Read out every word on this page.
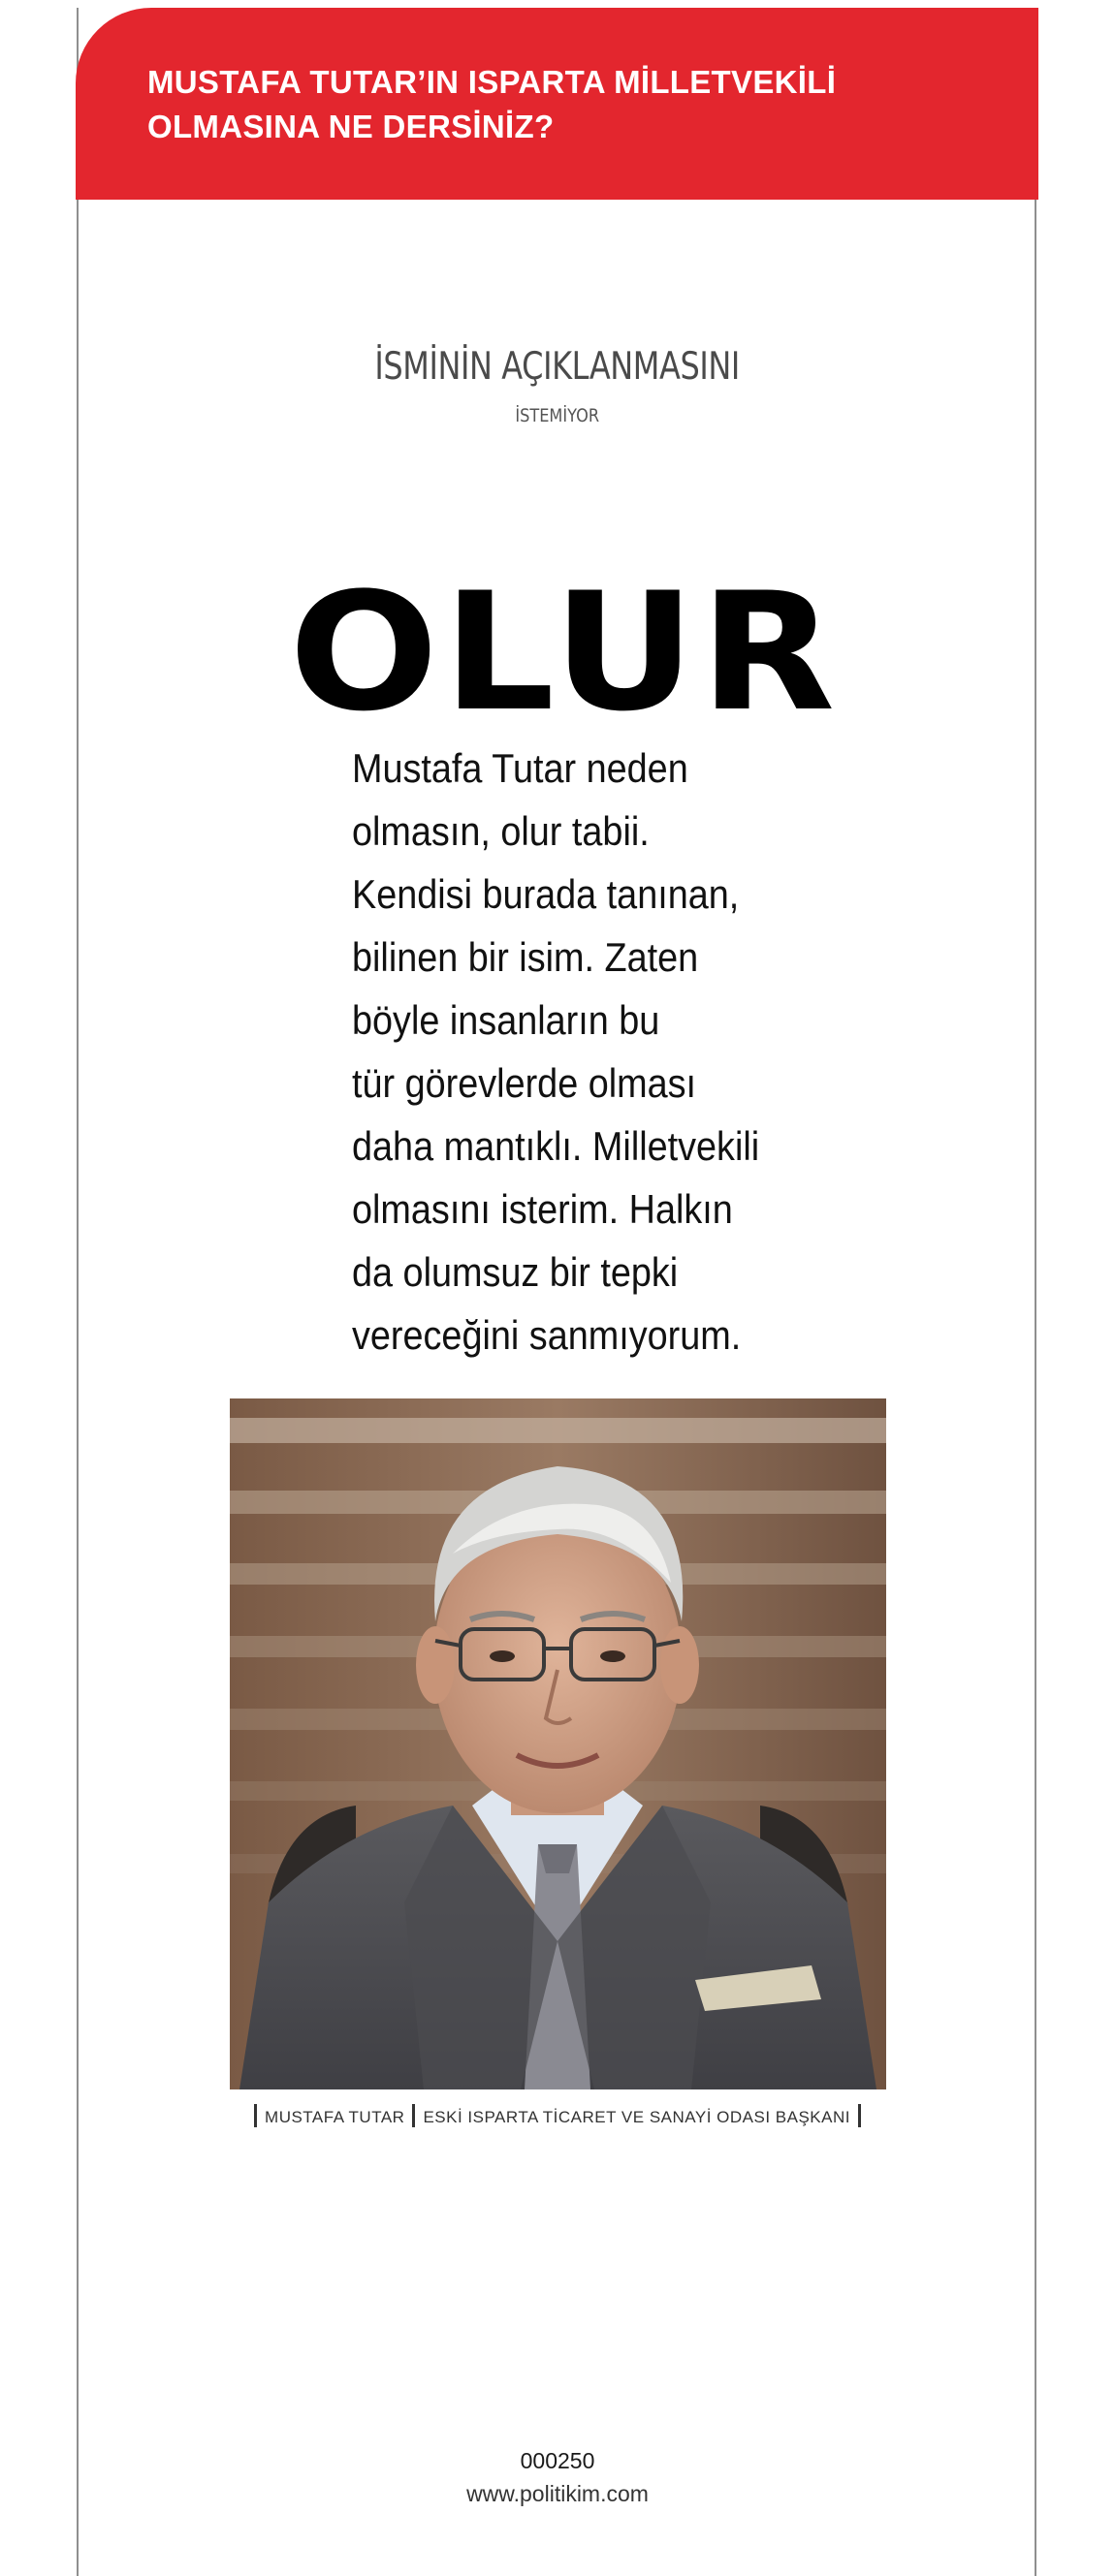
MUSTAFA TUTAR’IN ISPARTA MİLLETVEKİLİ
OLMASINA NE DERSİNİZ?
İSMİNİN AÇIKLANMASINI
İSTEMİYOR
OLUR
Mustafa Tutar neden
olmasın, olur tabii.
Kendisi burada tanınan,
bilinen bir isim. Zaten
böyle insanların bu
tür görevlerde olması
daha mantıklı. Milletvekili
olmasını isterim. Halkın
da olumsuz bir tepki
vereceğini sanmıyorum.
MUSTAFA TUTAR ESKİ ISPARTA TİCARET VE SANAYİ ODASI BAŞKANI
000250
www.politikim.com
